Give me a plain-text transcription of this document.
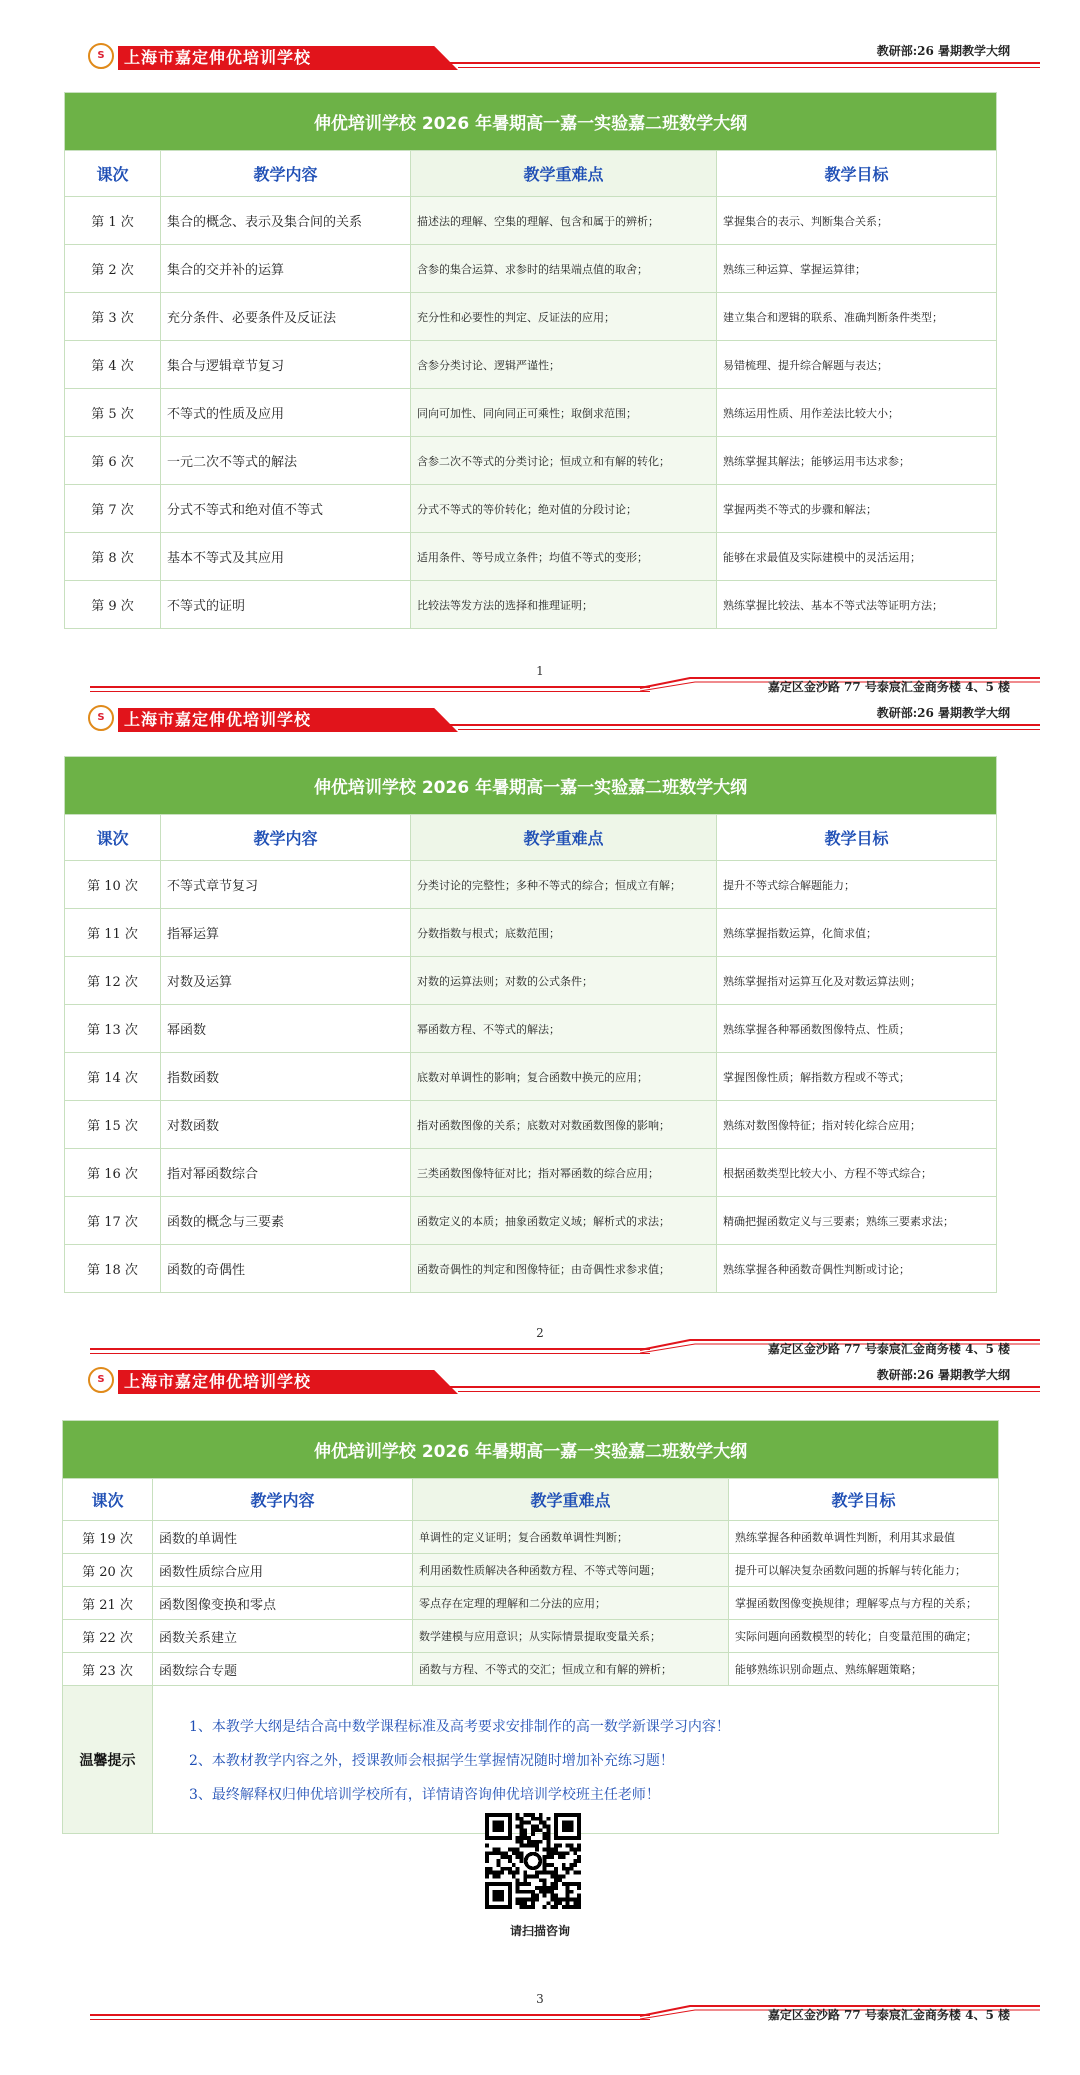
S	上海市嘉定伸优培训学校	教研部:26 暑期教学大纲
伸优培训学校 2026 年暑期高一嘉一实验嘉二班数学大纲			
课次	教学内容	教学重难点	教学目标
第 1 次	集合的概念、表示及集合间的关系	描述法的理解、空集的理解、包含和属于的辨析；	掌握集合的表示、判断集合关系；
第 2 次	集合的交并补的运算	含参的集合运算、求参时的结果端点值的取舍；	熟练三种运算、掌握运算律；
第 3 次	充分条件、必要条件及反证法	充分性和必要性的判定、反证法的应用；	建立集合和逻辑的联系、准确判断条件类型；
第 4 次	集合与逻辑章节复习	含参分类讨论、逻辑严谨性；	易错梳理、提升综合解题与表达；
第 5 次	不等式的性质及应用	同向可加性、同向同正可乘性；取倒求范围；	熟练运用性质、用作差法比较大小；
第 6 次	一元二次不等式的解法	含参二次不等式的分类讨论；恒成立和有解的转化；	熟练掌握其解法；能够运用韦达求参；
第 7 次	分式不等式和绝对值不等式	分式不等式的等价转化；绝对值的分段讨论；	掌握两类不等式的步骤和解法；
第 8 次	基本不等式及其应用	适用条件、等号成立条件；均值不等式的变形；	能够在求最值及实际建模中的灵活运用；
第 9 次	不等式的证明	比较法等发方法的选择和推理证明；	熟练掌握比较法、基本不等式法等证明方法；
1
嘉定区金沙路 77 号泰宸汇金商务楼 4、5 楼
S	上海市嘉定伸优培训学校	教研部:26 暑期教学大纲
伸优培训学校 2026 年暑期高一嘉一实验嘉二班数学大纲			
课次	教学内容	教学重难点	教学目标
第 10 次	不等式章节复习	分类讨论的完整性；多种不等式的综合；恒成立有解；	提升不等式综合解题能力；
第 11 次	指幂运算	分数指数与根式；底数范围；	熟练掌握指数运算，化简求值；
第 12 次	对数及运算	对数的运算法则；对数的公式条件；	熟练掌握指对运算互化及对数运算法则；
第 13 次	幂函数	幂函数方程、不等式的解法；	熟练掌握各种幂函数图像特点、性质；
第 14 次	指数函数	底数对单调性的影响；复合函数中换元的应用；	掌握图像性质；解指数方程或不等式；
第 15 次	对数函数	指对函数图像的关系；底数对对数函数图像的影响；	熟练对数图像特征；指对转化综合应用；
第 16 次	指对幂函数综合	三类函数图像特征对比；指对幂函数的综合应用；	根据函数类型比较大小、方程不等式综合；
第 17 次	函数的概念与三要素	函数定义的本质；抽象函数定义域；解析式的求法；	精确把握函数定义与三要素；熟练三要素求法；
第 18 次	函数的奇偶性	函数奇偶性的判定和图像特征；由奇偶性求参求值；	熟练掌握各种函数奇偶性判断或讨论；
2
嘉定区金沙路 77 号泰宸汇金商务楼 4、5 楼
S	上海市嘉定伸优培训学校	教研部:26 暑期教学大纲
伸优培训学校 2026 年暑期高一嘉一实验嘉二班数学大纲			
课次	教学内容	教学重难点	教学目标
第 19 次	函数的单调性	单调性的定义证明；复合函数单调性判断；	熟练掌握各种函数单调性判断，利用其求最值
第 20 次	函数性质综合应用	利用函数性质解决各种函数方程、不等式等问题；	提升可以解决复杂函数问题的拆解与转化能力；
第 21 次	函数图像变换和零点	零点存在定理的理解和二分法的应用；	掌握函数图像变换规律；理解零点与方程的关系；
第 22 次	函数关系建立	数学建模与应用意识；从实际情景提取变量关系；	实际问题向函数模型的转化；自变量范围的确定；
第 23 次	函数综合专题	函数与方程、不等式的交汇；恒成立和有解的辨析；	能够熟练识别命题点、熟练解题策略；
温馨提示	1、本教学大纲是结合高中数学课程标准及高考要求安排制作的高一数学新课学习内容！
2、本教材教学内容之外，授课教师会根据学生掌握情况随时增加补充练习题！
3、最终解释权归伸优培训学校所有，详情请咨询伸优培训学校班主任老师！		
请扫描咨询
3
嘉定区金沙路 77 号泰宸汇金商务楼 4、5 楼
